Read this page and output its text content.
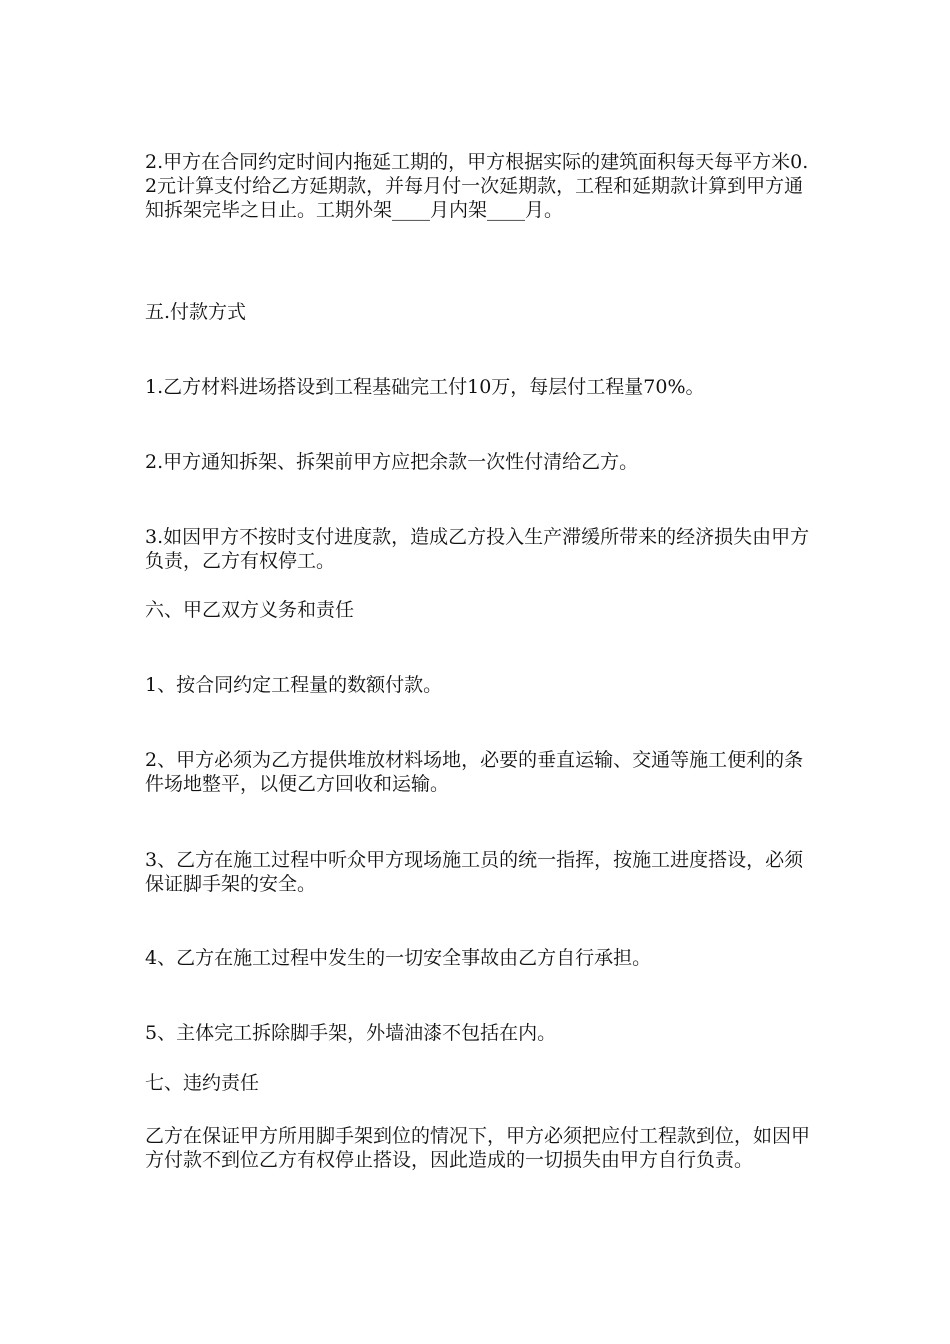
2.甲方在合同约定时间内拖延工期的，甲方根据实际的建筑面积每天每平方米0.2元计算支付给乙方延期款，并每月付一次延期款，工程和延期款计算到甲方通知拆架完毕之日止。工期外架____月内架____月。

五.付款方式

1.乙方材料进场搭设到工程基础完工付10万，每层付工程量70%。

2.甲方通知拆架、拆架前甲方应把余款一次性付清给乙方。

3.如因甲方不按时支付进度款，造成乙方投入生产滞缓所带来的经济损失由甲方负责，乙方有权停工。

六、甲乙双方义务和责任

1、按合同约定工程量的数额付款。

2、甲方必须为乙方提供堆放材料场地，必要的垂直运输、交通等施工便利的条件场地整平，以便乙方回收和运输。

3、乙方在施工过程中听众甲方现场施工员的统一指挥，按施工进度搭设，必须保证脚手架的安全。

4、乙方在施工过程中发生的一切安全事故由乙方自行承担。

5、主体完工拆除脚手架，外墙油漆不包括在内。

七、违约责任

乙方在保证甲方所用脚手架到位的情况下，甲方必须把应付工程款到位，如因甲方付款不到位乙方有权停止搭设，因此造成的一切损失由甲方自行负责。
